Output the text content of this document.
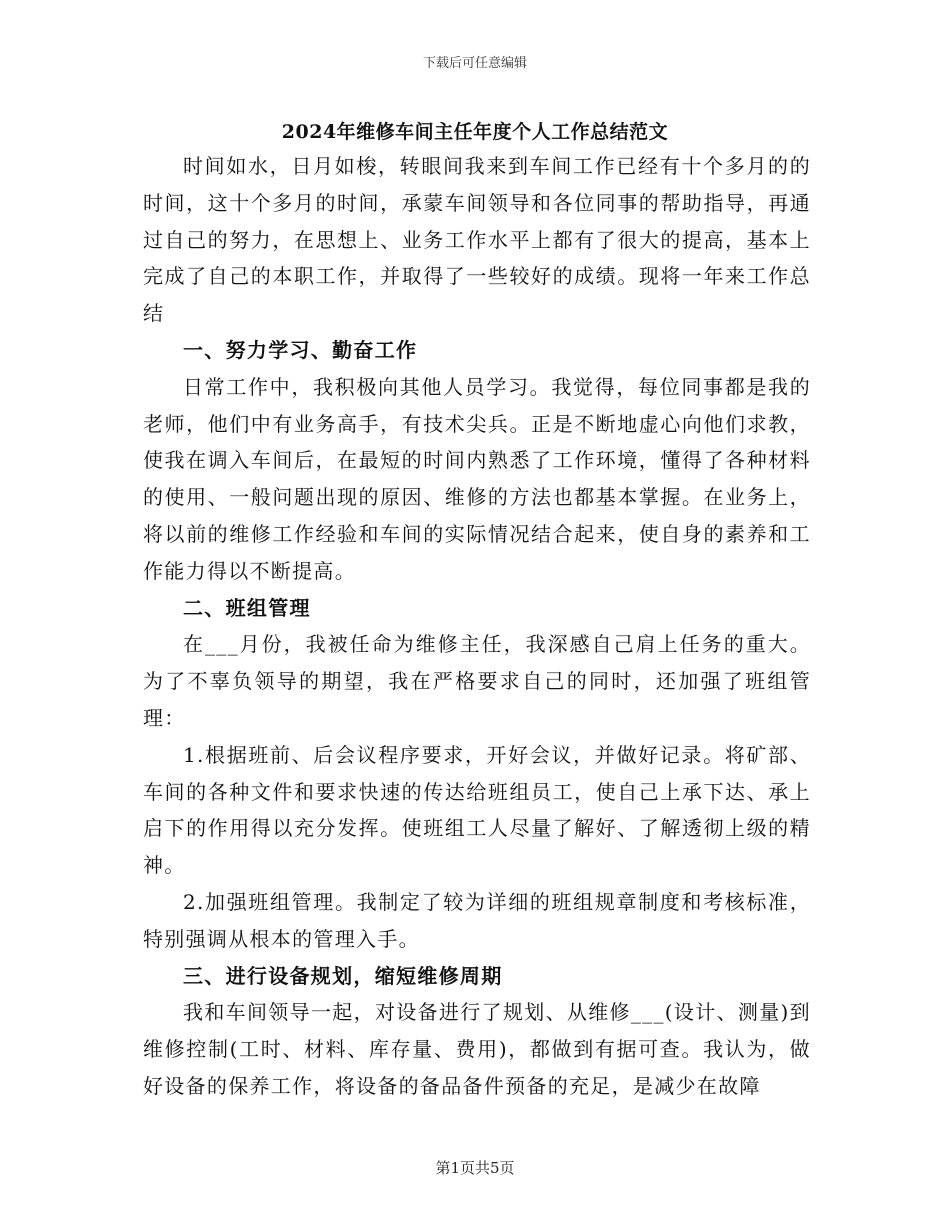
下载后可任意编辑
2024年维修车间主任年度个人工作总结范文

时间如水，日月如梭，转眼间我来到车间工作已经有十个多月的的时间，这十个多月的时间，承蒙车间领导和各位同事的帮助指导，再通过自己的努力，在思想上、业务工作水平上都有了很大的提高，基本上完成了自己的本职工作，并取得了一些较好的成绩。现将一年来工作总结

一、努力学习、勤奋工作

日常工作中，我积极向其他人员学习。我觉得，每位同事都是我的老师，他们中有业务高手，有技术尖兵。正是不断地虚心向他们求教，使我在调入车间后，在最短的时间内熟悉了工作环境，懂得了各种材料的使用、一般问题出现的原因、维修的方法也都基本掌握。在业务上，将以前的维修工作经验和车间的实际情况结合起来，使自身的素养和工作能力得以不断提高。

二、班组管理

在___月份，我被任命为维修主任，我深感自己肩上任务的重大。为了不辜负领导的期望，我在严格要求自己的同时，还加强了班组管理：

1.根据班前、后会议程序要求，开好会议，并做好记录。将矿部、车间的各种文件和要求快速的传达给班组员工，使自己上承下达、承上启下的作用得以充分发挥。使班组工人尽量了解好、了解透彻上级的精神。

2.加强班组管理。我制定了较为详细的班组规章制度和考核标准，特别强调从根本的管理入手。

三、进行设备规划，缩短维修周期

我和车间领导一起，对设备进行了规划、从维修___(设计、测量)到维修控制(工时、材料、库存量、费用)，都做到有据可查。我认为，做好设备的保养工作，将设备的备品备件预备的充足，是减少在故障

第1页共5页
